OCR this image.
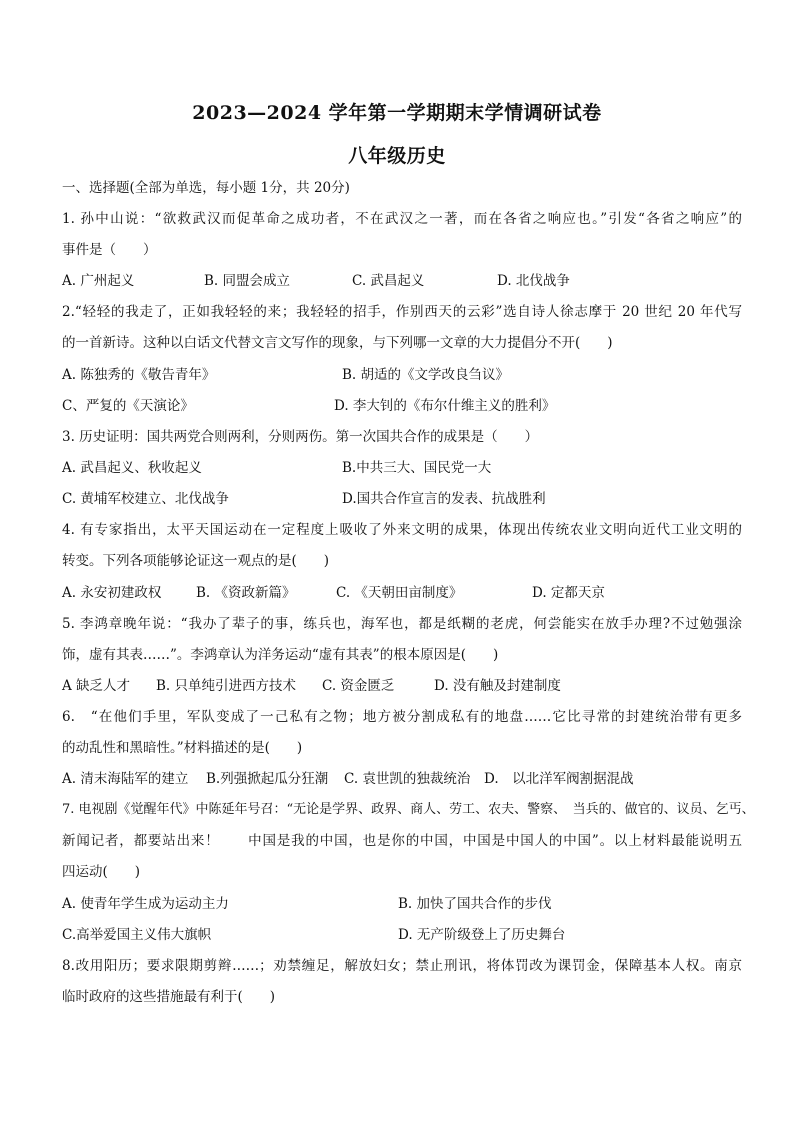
2023—2024 学年第一学期期末学情调研试卷
八年级历史
一、选择题(全部为单选，每小题 1分，共 20分)
1. 孙中山说：“欲救武汉而促革命之成功者，不在武汉之一著，而在各省之响应也。”引发“各省之响应”的
事件是（　　）
A. 广州起义	B. 同盟会成立	C. 武昌起义	D. 北伐战争
2.“轻轻的我走了，正如我轻轻的来；我轻轻的招手，作别西天的云彩”选自诗人徐志摩于 20 世纪 20 年代写
的一首新诗。这种以白话文代替文言文写作的现象，与下列哪一文章的大力提倡分不开(　　)
A. 陈独秀的《敬告青年》	B. 胡适的《文学改良刍议》
C、严复的《天演论》	D. 李大钊的《布尔什维主义的胜利》
3. 历史证明：国共两党合则两利，分则两伤。第一次国共合作的成果是（　　）
A. 武昌起义、秋收起义	B.中共三大、国民党一大
C. 黄埔军校建立、北伐战争	D.国共合作宣言的发表、抗战胜利
4. 有专家指出，太平天国运动在一定程度上吸收了外来文明的成果，体现出传统农业文明向近代工业文明的
转变。下列各项能够论证这一观点的是(　　)
A. 永安初建政权	B. 《资政新篇》	C. 《天朝田亩制度》	D. 定都天京
5. 李鸿章晚年说：“我办了辈子的事，练兵也，海军也，都是纸糊的老虎，何尝能实在放手办理?不过勉强涂
饰，虚有其表……”。李鸿章认为洋务运动“虚有其表”的根本原因是(　　)
A 缺乏人才 B. 只单纯引进西方技术 C. 资金匮乏	D. 没有触及封建制度
6.　“在他们手里，军队变成了一己私有之物；地方被分割成私有的地盘……它比寻常的封建统治带有更多
的动乱性和黑暗性。”材料描述的是(　　)
A. 清末海陆军的建立 B.列强掀起瓜分狂潮 C. 袁世凯的独裁统治 D.　以北洋军阀割据混战
7. 电视剧《觉醒年代》中陈延年号召：“无论是学界、政界、商人、劳工、农夫、警察、　当兵的、做官的、议员、乞丐、
新闻记者，都要站出来！　　中国是我的中国，也是你的中国，中国是中国人的中国”。以上材料最能说明五
四运动(　　)
A. 使青年学生成为运动主力	B. 加快了国共合作的步伐
C.高举爱国主义伟大旗帜	D. 无产阶级登上了历史舞台
8.改用阳历；要求限期剪辫……；劝禁缠足，解放妇女；禁止刑讯，将体罚改为课罚金，保障基本人权。南京
临时政府的这些措施最有利于(　　)
